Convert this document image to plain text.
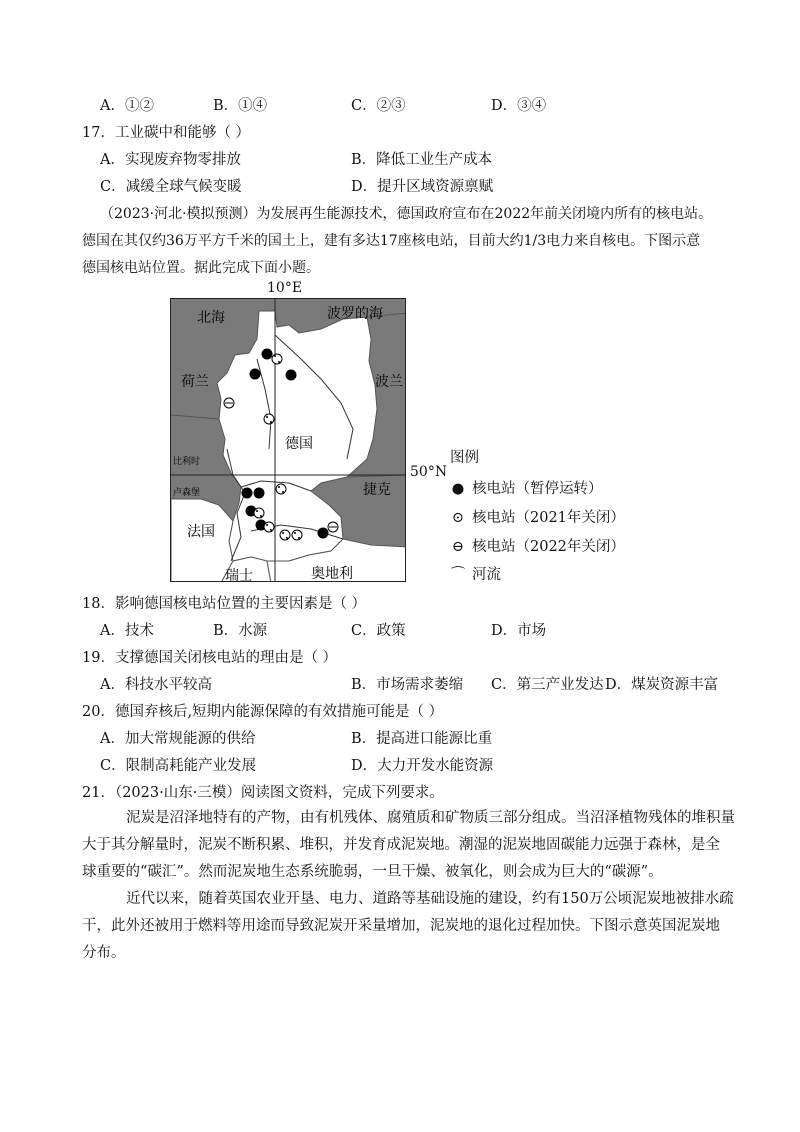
A．①②	B．①④	C．②③	D．③④
17．工业碳中和能够（ ）
A．实现废弃物零排放	B．降低工业生产成本
C．减缓全球气候变暖	D．提升区域资源禀赋
（2023·河北·模拟预测）为发展再生能源技术，德国政府宣布在2022年前关闭境内所有的核电站。
德国在其仅约36万平方千米的国土上，建有多达17座核电站，目前大约1/3电力来自核电。下图示意
德国核电站位置。据此完成下面小题。
10°E
北海	波罗的海
荷兰	波兰
德国
比利时
卢森堡	捷克
法国
瑞士	奥地利
50°N
图例
● 核电站（暂停运转）
⊙ 核电站（2021年关闭）
⊖ 核电站（2022年关闭）
⌒ 河流
18．影响德国核电站位置的主要因素是（ ）
A．技术	B．水源	C．政策	D．市场
19．支撑德国关闭核电站的理由是（ ）
A．科技水平较高	B．市场需求萎缩 C．第三产业发达 D．煤炭资源丰富
20．德国弃核后,短期内能源保障的有效措施可能是（ ）
A．加大常规能源的供给	B．提高进口能源比重
C．限制高耗能产业发展	D．大力开发水能资源
21．（2023·山东·三模）阅读图文资料，完成下列要求。
泥炭是沼泽地特有的产物，由有机残体、腐殖质和矿物质三部分组成。当沼泽植物残体的堆积量
大于其分解量时，泥炭不断积累、堆积，并发育成泥炭地。潮湿的泥炭地固碳能力远强于森林，是全
球重要的“碳汇”。然而泥炭地生态系统脆弱，一旦干燥、被氧化，则会成为巨大的“碳源”。
近代以来，随着英国农业开垦、电力、道路等基础设施的建设，约有150万公顷泥炭地被排水疏
干，此外还被用于燃料等用途而导致泥炭开采量增加，泥炭地的退化过程加快。下图示意英国泥炭地
分布。
